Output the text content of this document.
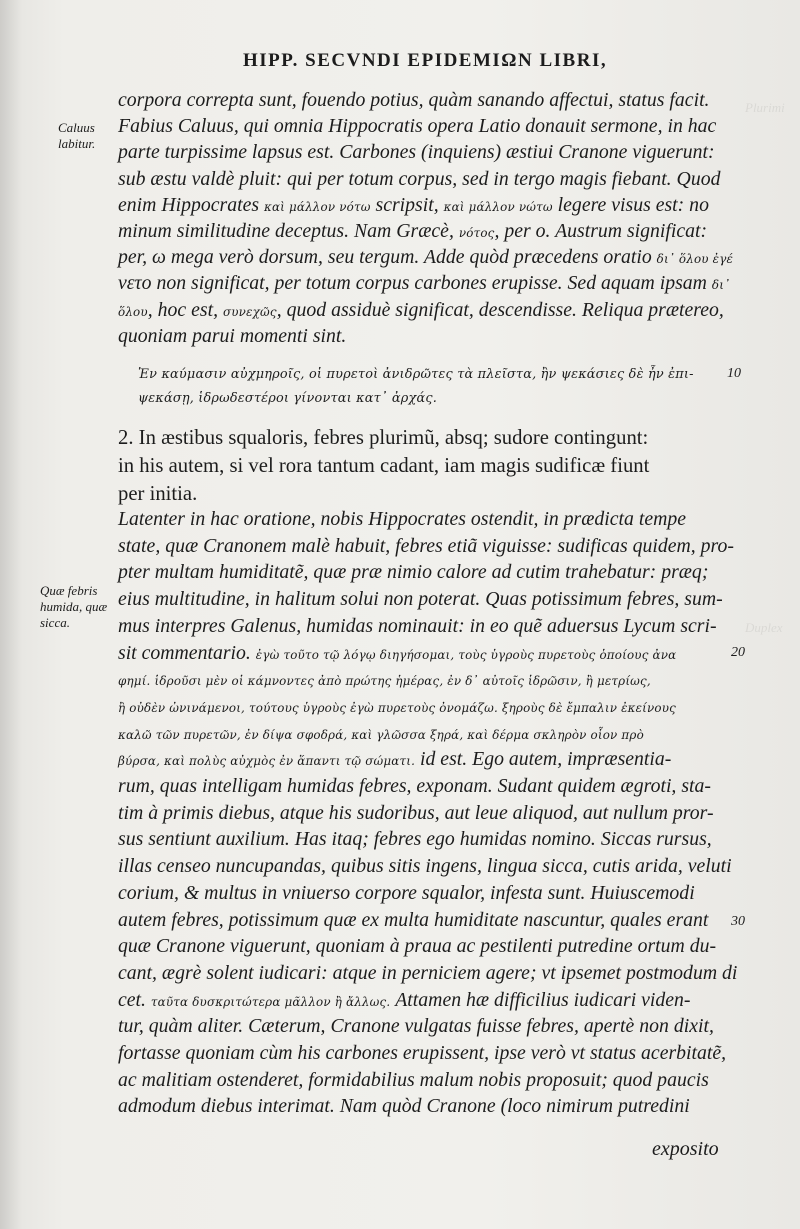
Plurimi
Duplex
HIPP. SECVNDI EPIDEMIΩN LIBRI,
Caluus
labitur.
Quæ febris
humida, quæ
sicca.
10
20
30
corpora correpta sunt, fouendo potius, quàm sanando affectui, status facit.
Fabius Caluus, qui omnia Hippocratis opera Latio donauit sermone, in hac
parte turpissime lapsus est. Carbones (inquiens) æstiui Cranone viguerunt:
sub æstu valdè pluit: qui per totum corpus, sed in tergo magis fiebant. Quod
enim Hippocrates καὶ μάλλον νότω scripsit, καὶ μάλλον νώτω legere visus est: no
minum similitudine deceptus. Nam Græcè, νότος, per o. Austrum significat:
per, ω mega verò dorsum, seu tergum. Adde quòd præcedens oratio δι᾽ ὅλου ἐγέ
νετο non significat, per totum corpus carbones erupisse. Sed aquam ipsam δι᾽
ὅλου, hoc est, συνεχῶς, quod assiduè significat, descendisse. Reliqua prætereo,
quoniam parui momenti sint.
Ἐν καύμασιν αὐχμηροῖς, οἱ πυρετοὶ ἀνιδρῶτες τὰ πλεῖστα, ἢν ψεκάσιες δὲ ἦν ἐπι-
ψεκάσῃ, ἱδρωδεστέροι γίνονται κατ᾽ ἀρχάς.
2. In æstibus squaloris, febres plurimũ, absq; sudore contingunt:
in his autem, si vel rora tantum cadant, iam magis sudificæ fiunt
per initia.
Latenter in hac oratione, nobis Hippocrates ostendit, in prædicta tempe
state, quæ Cranonem malè habuit, febres etiã viguisse: sudificas quidem, pro-
pter multam humiditatẽ, quæ præ nimio calore ad cutim trahebatur: præq;
eius multitudine, in halitum solui non poterat. Quas potissimum febres, sum-
mus interpres Galenus, humidas nominauit: in eo quẽ aduersus Lycum scri-
sit commentario. ἐγὼ τοῦτο τῷ λόγῳ διηγήσομαι, τοὺς ὑγροὺς πυρετοὺς ὁποίους ἀνα
φημί. ἱδροῦσι μὲν οἱ κάμνοντες ἀπὸ πρώτης ἡμέρας, ἐν δ᾽ αὐτοῖς ἱδρῶσιν, ἢ μετρίως,
ἢ οὐδὲν ὠνινάμενοι, τούτους ὑγροὺς ἐγὼ πυρετοὺς ὀνομάζω. ξηροὺς δὲ ἔμπαλιν ἐκείνους
καλῶ τῶν πυρετῶν, ἐν δίψα σφοδρά, καὶ γλῶσσα ξηρά, καὶ δέρμα σκληρὸν οἷον πρὸ
βύρσα, καὶ πολὺς αὐχμὸς ἐν ἅπαντι τῷ σώματι. id est. Ego autem, impræsentia-
rum, quas intelligam humidas febres, exponam. Sudant quidem ægroti, sta-
tim à primis diebus, atque his sudoribus, aut leue aliquod, aut nullum pror-
sus sentiunt auxilium. Has itaq; febres ego humidas nomino. Siccas rursus,
illas censeo nuncupandas, quibus sitis ingens, lingua sicca, cutis arida, veluti
corium, & multus in vniuerso corpore squalor, infesta sunt. Huiuscemodi
autem febres, potissimum quæ ex multa humiditate nascuntur, quales erant
quæ Cranone viguerunt, quoniam à praua ac pestilenti putredine ortum du-
cant, ægrè solent iudicari: atque in perniciem agere; vt ipsemet postmodum di
cet. ταῦτα δυσκριτώτερα μᾶλλον ἢ ἄλλως. Attamen hæ difficilius iudicari viden-
tur, quàm aliter. Cæterum, Cranone vulgatas fuisse febres, apertè non dixit,
fortasse quoniam cùm his carbones erupissent, ipse verò vt status acerbitatẽ,
ac malitiam ostenderet, formidabilius malum nobis proposuit; quod paucis
admodum diebus interimat. Nam quòd Cranone (loco nimirum putredini
exposito
